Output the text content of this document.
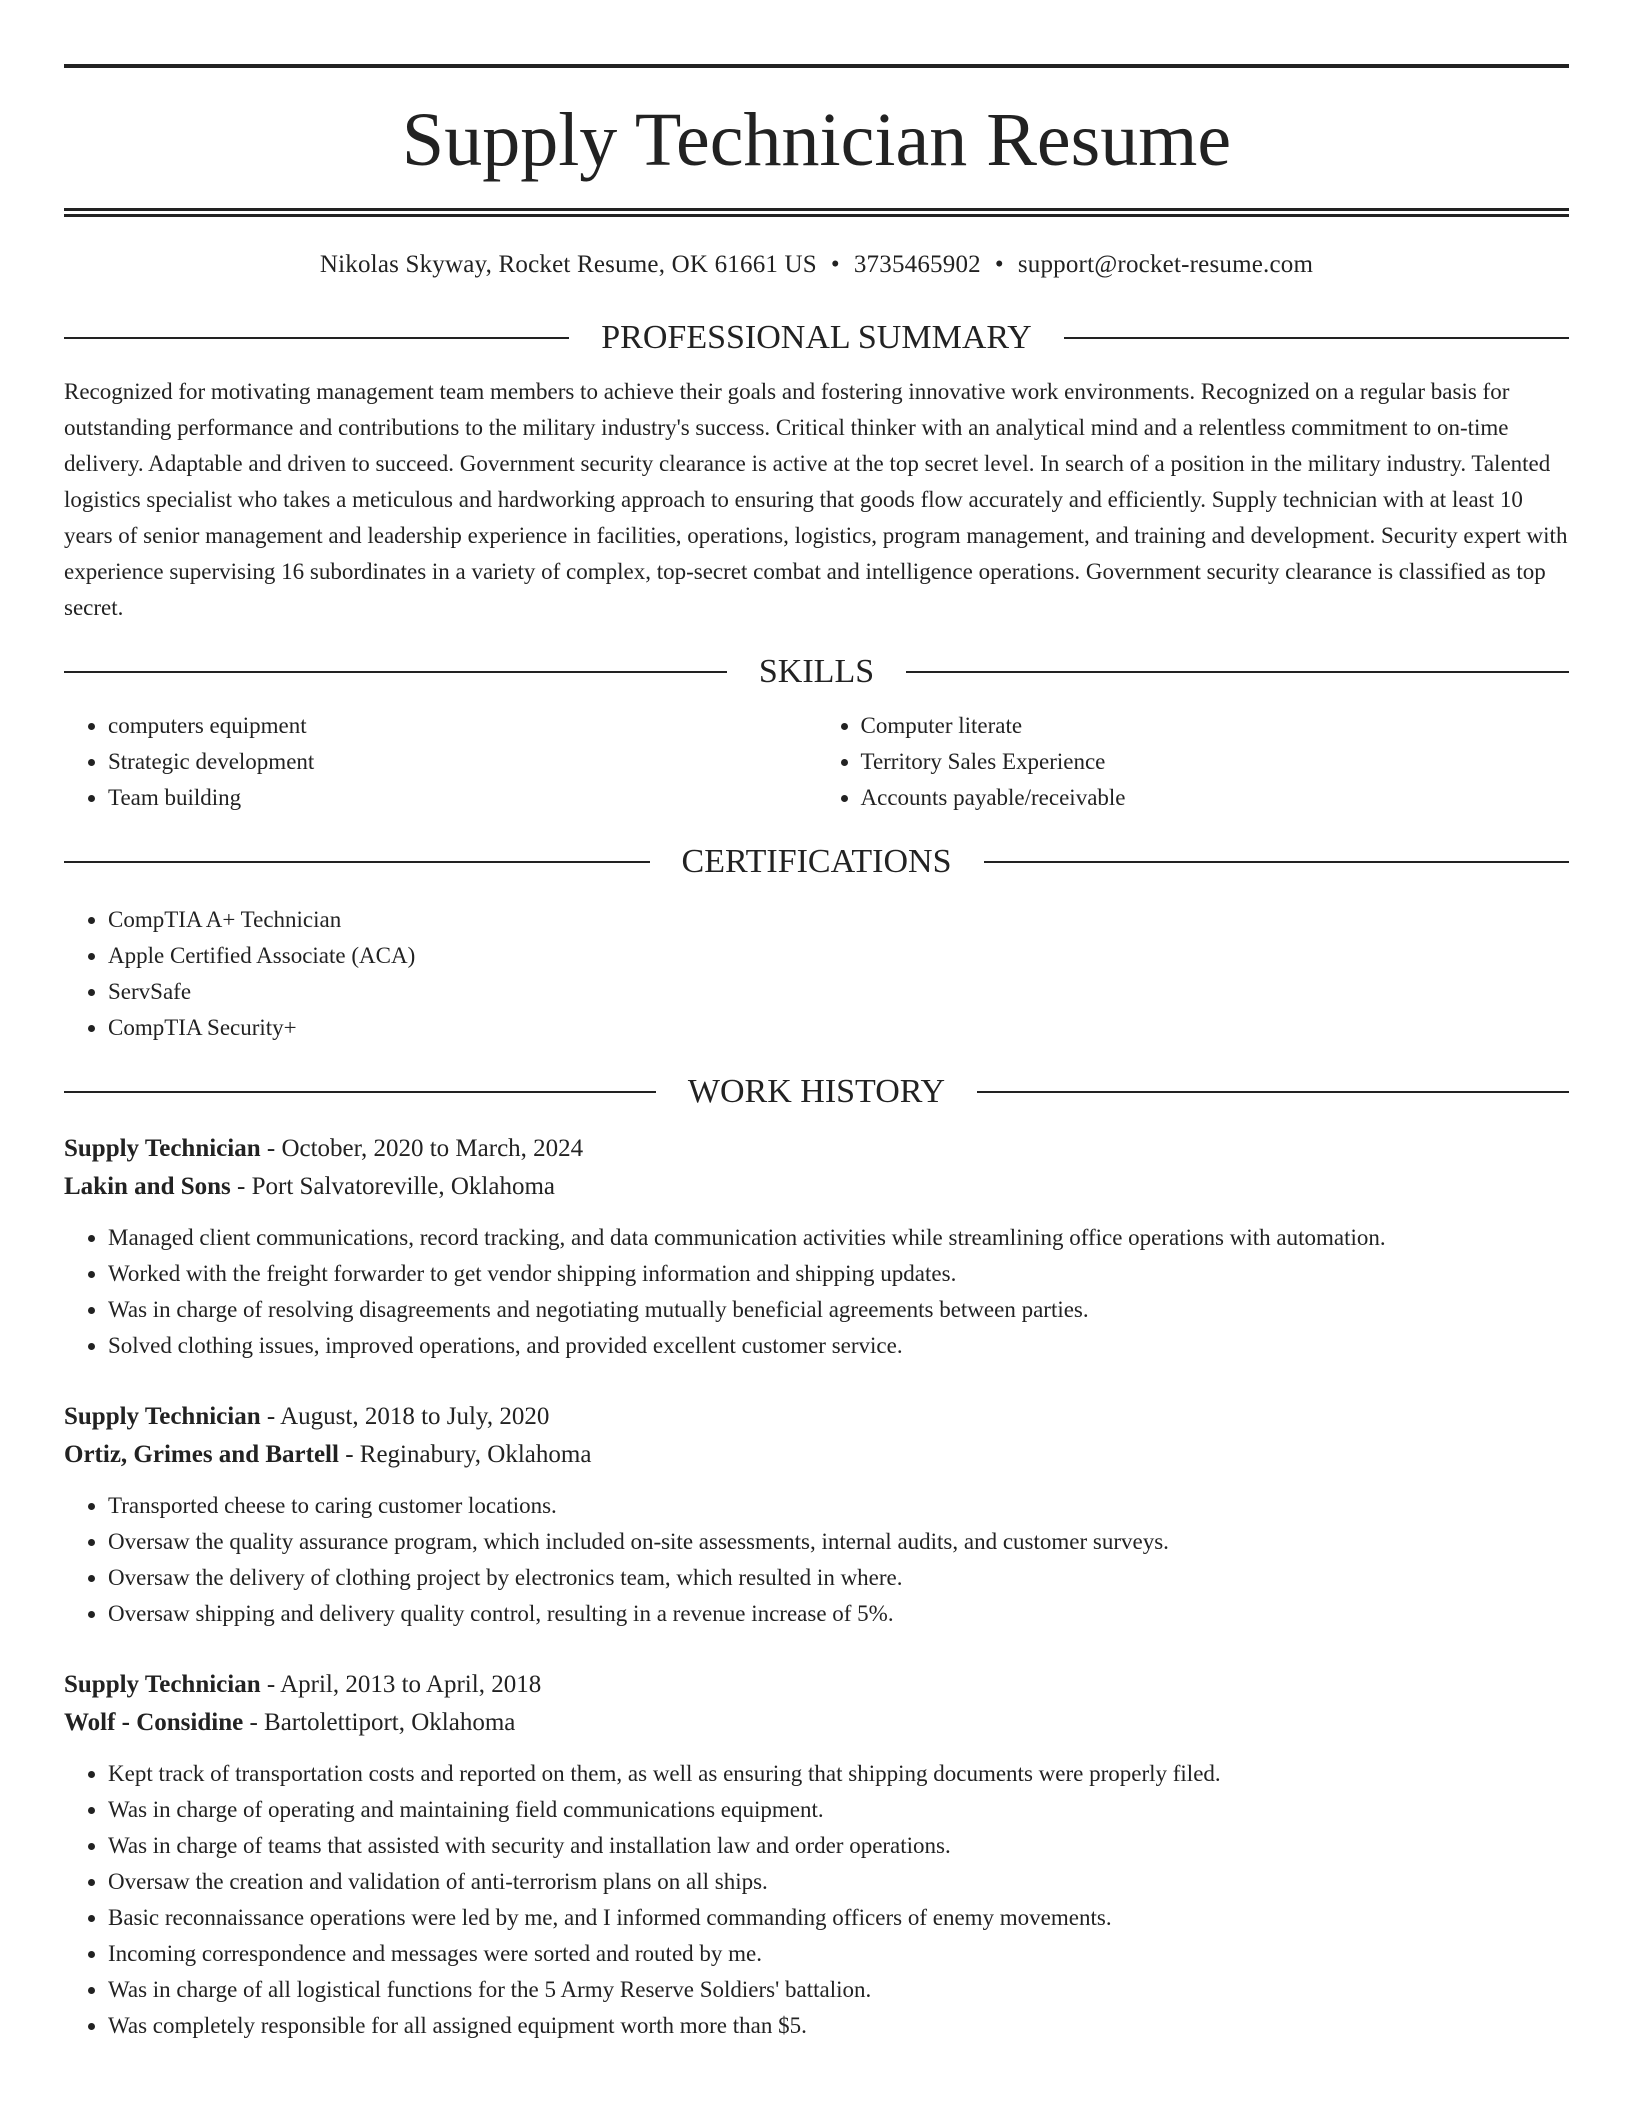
Supply Technician Resume
Nikolas Skyway, Rocket Resume, OK 61661 US • 3735465902 • support@rocket-resume.com
PROFESSIONAL SUMMARY

Recognized for motivating management team members to achieve their goals and fostering innovative work environments. Recognized on a regular basis for outstanding performance and contributions to the military industry's success. Critical thinker with an analytical mind and a relentless commitment to on-time delivery. Adaptable and driven to succeed. Government security clearance is active at the top secret level. In search of a position in the military industry. Talented logistics specialist who takes a meticulous and hardworking approach to ensuring that goods flow accurately and efficiently. Supply technician with at least 10 years of senior management and leadership experience in facilities, operations, logistics, program management, and training and development. Security expert with experience supervising 16 subordinates in a variety of complex, top-secret combat and intelligence operations. Government security clearance is classified as top secret.

SKILLS
• computers equipment
• Strategic development
• Team building
• Computer literate
• Territory Sales Experience
• Accounts payable/receivable
CERTIFICATIONS
• CompTIA A+ Technician
• Apple Certified Associate (ACA)
• ServSafe
• CompTIA Security+
WORK HISTORY
Supply Technician - October, 2020 to March, 2024
Lakin and Sons - Port Salvatoreville, Oklahoma
• Managed client communications, record tracking, and data communication activities while streamlining office operations with automation.
• Worked with the freight forwarder to get vendor shipping information and shipping updates.
• Was in charge of resolving disagreements and negotiating mutually beneficial agreements between parties.
• Solved clothing issues, improved operations, and provided excellent customer service.
Supply Technician - August, 2018 to July, 2020
Ortiz, Grimes and Bartell - Reginabury, Oklahoma
• Transported cheese to caring customer locations.
• Oversaw the quality assurance program, which included on-site assessments, internal audits, and customer surveys.
• Oversaw the delivery of clothing project by electronics team, which resulted in where.
• Oversaw shipping and delivery quality control, resulting in a revenue increase of 5%.
Supply Technician - April, 2013 to April, 2018
Wolf - Considine - Bartolettiport, Oklahoma
• Kept track of transportation costs and reported on them, as well as ensuring that shipping documents were properly filed.
• Was in charge of operating and maintaining field communications equipment.
• Was in charge of teams that assisted with security and installation law and order operations.
• Oversaw the creation and validation of anti-terrorism plans on all ships.
• Basic reconnaissance operations were led by me, and I informed commanding officers of enemy movements.
• Incoming correspondence and messages were sorted and routed by me.
• Was in charge of all logistical functions for the 5 Army Reserve Soldiers' battalion.
• Was completely responsible for all assigned equipment worth more than $5.
